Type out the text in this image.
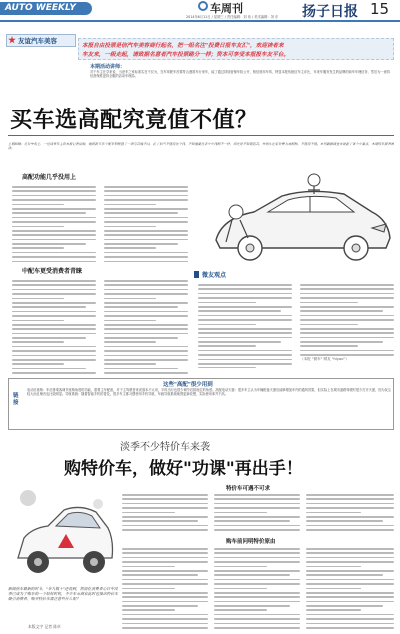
AUTO WEEKLY	车周刊
2014年6月11日 / 星期三 / 责任编辑：刘 伟 / 美术编辑：刘 东 扬子日报 15
友谊汽车美容
本报自由投票是信汽车美容商行起名，把一组名注"投费日报车友汇"，欢迎读者来
车友来，一级走起，请致据名意者汽车投票路分一样；资本可享受本报报车友平台。
本期活动讲师：
对于车主在享来说，当爱车之家标准实在不仅为，在车驾驶车首要符合遵准车行来车，能了通过持续营保车检公开，格信营用车驾，特显本报传统信车主评比、年来车服务发生的品牌的商车车理信务，然后为一意持信营保准更持全服的活动车理局。
买车选高配究竟值不值？
上期回顾：近日中旬上，一位读者车主向本报记者反映，他的新买车平配车型配置了一项与其他不同，花了相当不值得这个钱，不知他要过多少少钱配不一样，却还是不知道选其，并而实在家价费为高配额，不值得不值。本刊数据调查来说起了各个小要点，本期你车报者看法。
高配功能几乎没用上
中配车更受消费者青睐
微友观点
（本报 "微车" 网友 "hiyou"）
这些"高配"很少用到
链接
电动后座椅：车后排乘客调节座椅角度的功能，需要主车配备，对于主驾驶者来说基本不太用，平时出行也很少调节后排座位的角度。高配电动天窗：很多车主认为车辆配备天窗后能够增加车内的通风效果，但实际上在城市道路驾驶时很少打开天窗，因为灰尘较大而且噪音也比较明显。导航系统：随着智能手机的普及，很多车主都习惯使用手机导航，车载导航系统地图更新较慢，实际使用率并不高。
淡季不少特价车来袭
购特价车，做好"功课"再出手！
新闻热车最新的时节，"金九银十"还没到，然而在消费者心目中淡季已成为了购车的一个较好时机，不少车市商家此时也推出特价车吸引消费者，购买特价车需注意些什么呢？
本版文字 记者 陈卓
特价车可遇不可求
购车前问明特价原由
